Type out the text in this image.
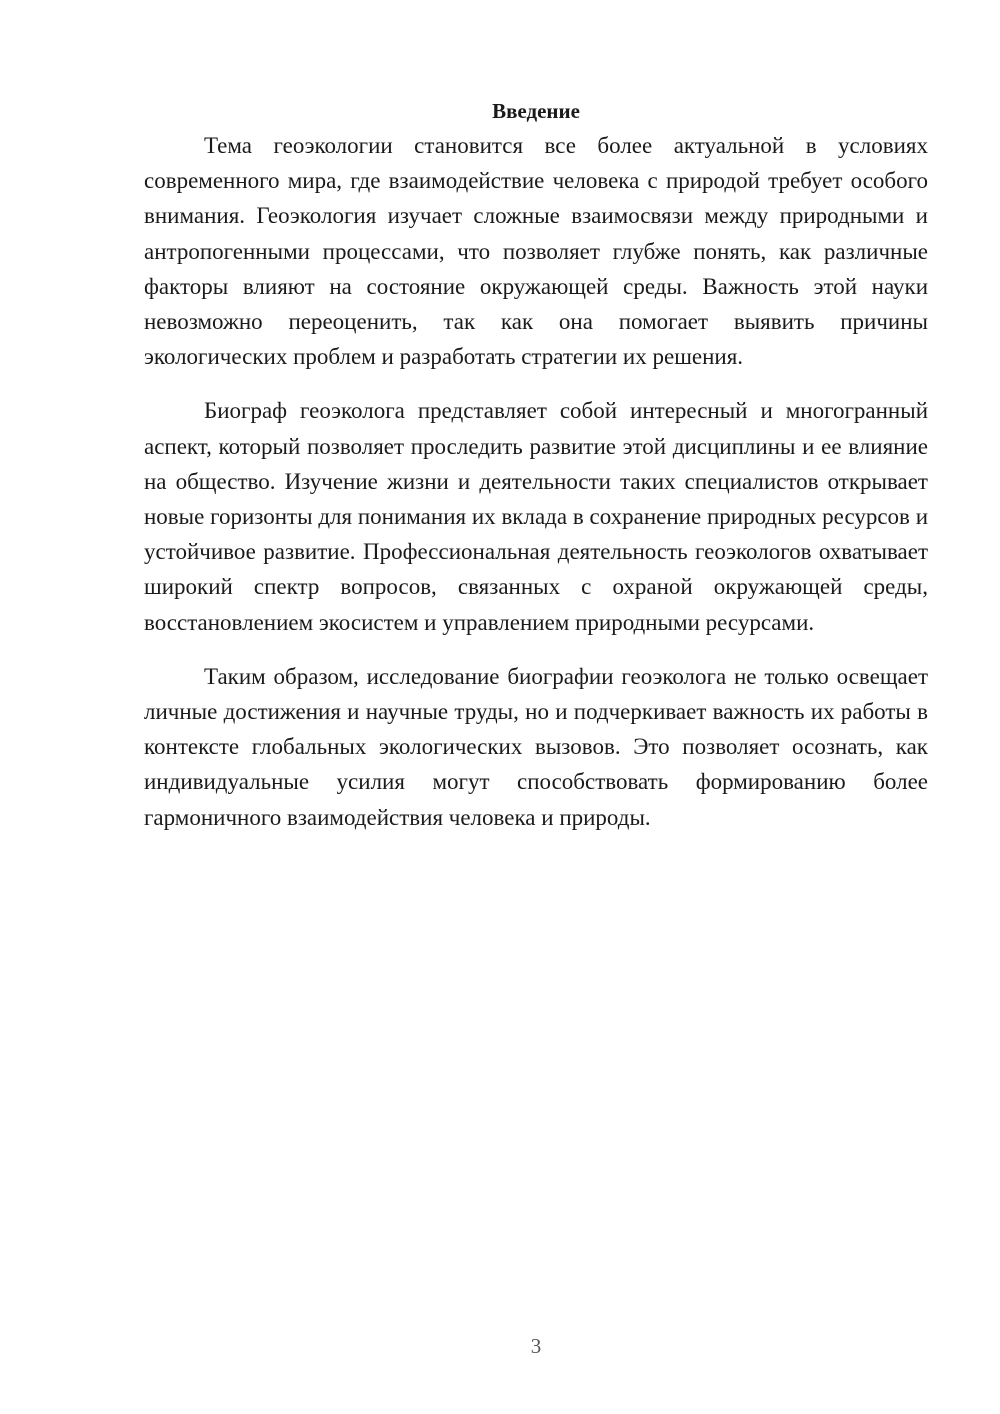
Введение

Тема геоэкологии становится все более актуальной в условиях современного мира, где взаимодействие человека с природой требует особого внимания. Геоэкология изучает сложные взаимосвязи между природными и антропогенными процессами, что позволяет глубже понять, как различные факторы влияют на состояние окружающей среды. Важность этой науки невозможно переоценить, так как она помогает выявить причины экологических проблем и разработать стратегии их решения.

Биограф геоэколога представляет собой интересный и многогранный аспект, который позволяет проследить развитие этой дисциплины и ее влияние на общество. Изучение жизни и деятельности таких специалистов открывает новые горизонты для понимания их вклада в сохранение природных ресурсов и устойчивое развитие. Профессиональная деятельность геоэкологов охватывает широкий спектр вопросов, связанных с охраной окружающей среды, восстановлением экосистем и управлением природными ресурсами.

Таким образом, исследование биографии геоэколога не только освещает личные достижения и научные труды, но и подчеркивает важность их работы в контексте глобальных экологических вызовов. Это позволяет осознать, как индивидуальные усилия могут способствовать формированию более гармоничного взаимодействия человека и природы.

3
